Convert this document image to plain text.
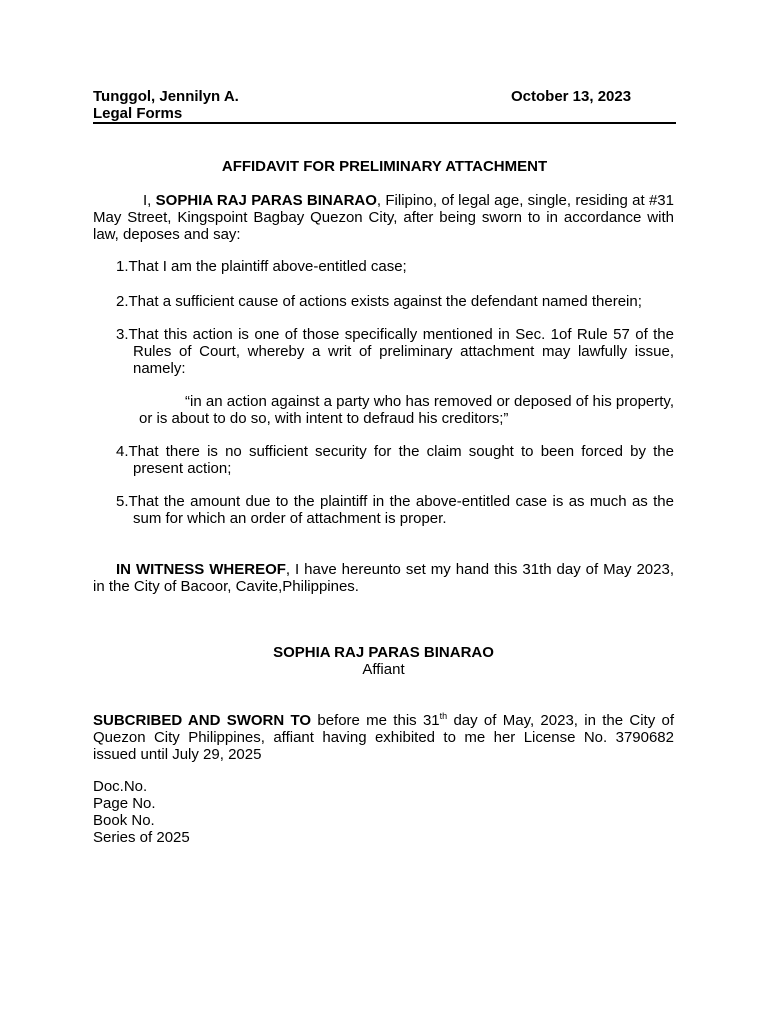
Tunggol, Jennilyn A.	October 13, 2023
Legal Forms
AFFIDAVIT FOR PRELIMINARY ATTACHMENT
I, SOPHIA RAJ PARAS BINARAO, Filipino, of legal age, single, residing at #31 May Street, Kingspoint Bagbay Quezon City, after being sworn to in accordance with law, deposes and say:
1.That I am the plaintiff above-entitled case;
2.That a sufficient cause of actions exists against the defendant named therein;
3.That this action is one of those specifically mentioned in Sec. 1of Rule 57 of the Rules of Court, whereby a writ of preliminary attachment may lawfully issue, namely:
“in an action against a party who has removed or deposed of his property, or is about to do so, with intent to defraud his creditors;”
4.That there is no sufficient security for the claim sought to been forced by the present action;
5.That the amount due to the plaintiff in the above-entitled case is as much as the sum for which an order of attachment is proper.
IN WITNESS WHEREOF, I have hereunto set my hand this 31th day of May 2023, in the City of Bacoor, Cavite,Philippines.
SOPHIA RAJ PARAS BINARAO
Affiant
SUBCRIBED AND SWORN TO before me this 31th day of May, 2023, in the City of Quezon City Philippines, affiant having exhibited to me her License No. 3790682 issued until July 29, 2025
Doc.No.
Page No.
Book No.
Series of 2025
